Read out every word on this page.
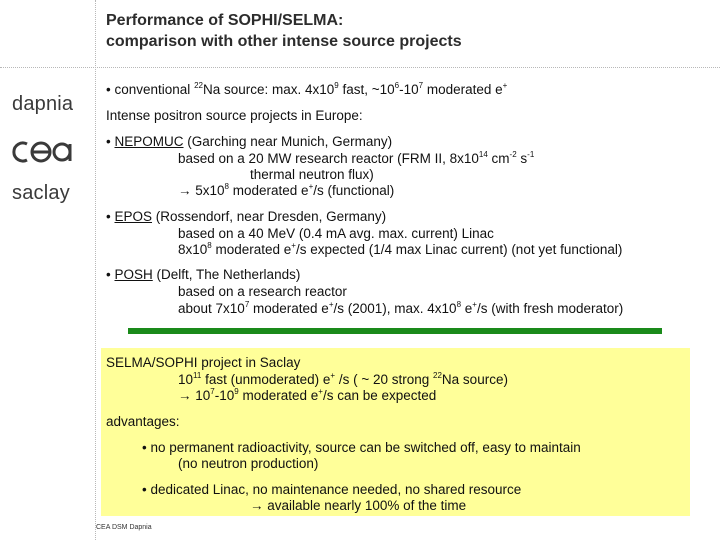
Performance of SOPHI/SELMA:
comparison with other intense source projects
dapnia
saclay
• conventional $^{22}$Na source: max. $4x10^9$ fast, $\sim 10^6-10^7$ moderated e+
Intense positron source projects in Europe:
• NEPOMUC (Garching near Munich, Germany)
based on a 20 MW research reactor (FRM II, $8x10^{14}$ $cm^{-2}$ $s^{-1}$
thermal neutron flux)
→ $5x10^8$ moderated e+/s (functional)
• EPOS (Rossendorf, near Dresden, Germany)
based on a 40 MeV (0.4 mA avg. max. current) Linac
$8x10^8$ moderated e+/s expected (1/4 max Linac current) (not yet functional)
• POSH (Delft, The Netherlands)
based on a research reactor
about $7x10^7$ moderated e+/s (2001), max. $4x10^8$ e+/s (with fresh moderator)
SELMA/SOPHI project in Saclay
$10^{11}$ fast (unmoderated) e+ /s ( ~ 20 strong $^{22}$Na source)
→ $10^7-10^9$ moderated e+/s can be expected
advantages:
• no permanent radioactivity, source can be switched off, easy to maintain
(no neutron production)
• dedicated Linac, no maintenance needed, no shared resource
→ available nearly 100% of the time
CEA DSM Dapnia
